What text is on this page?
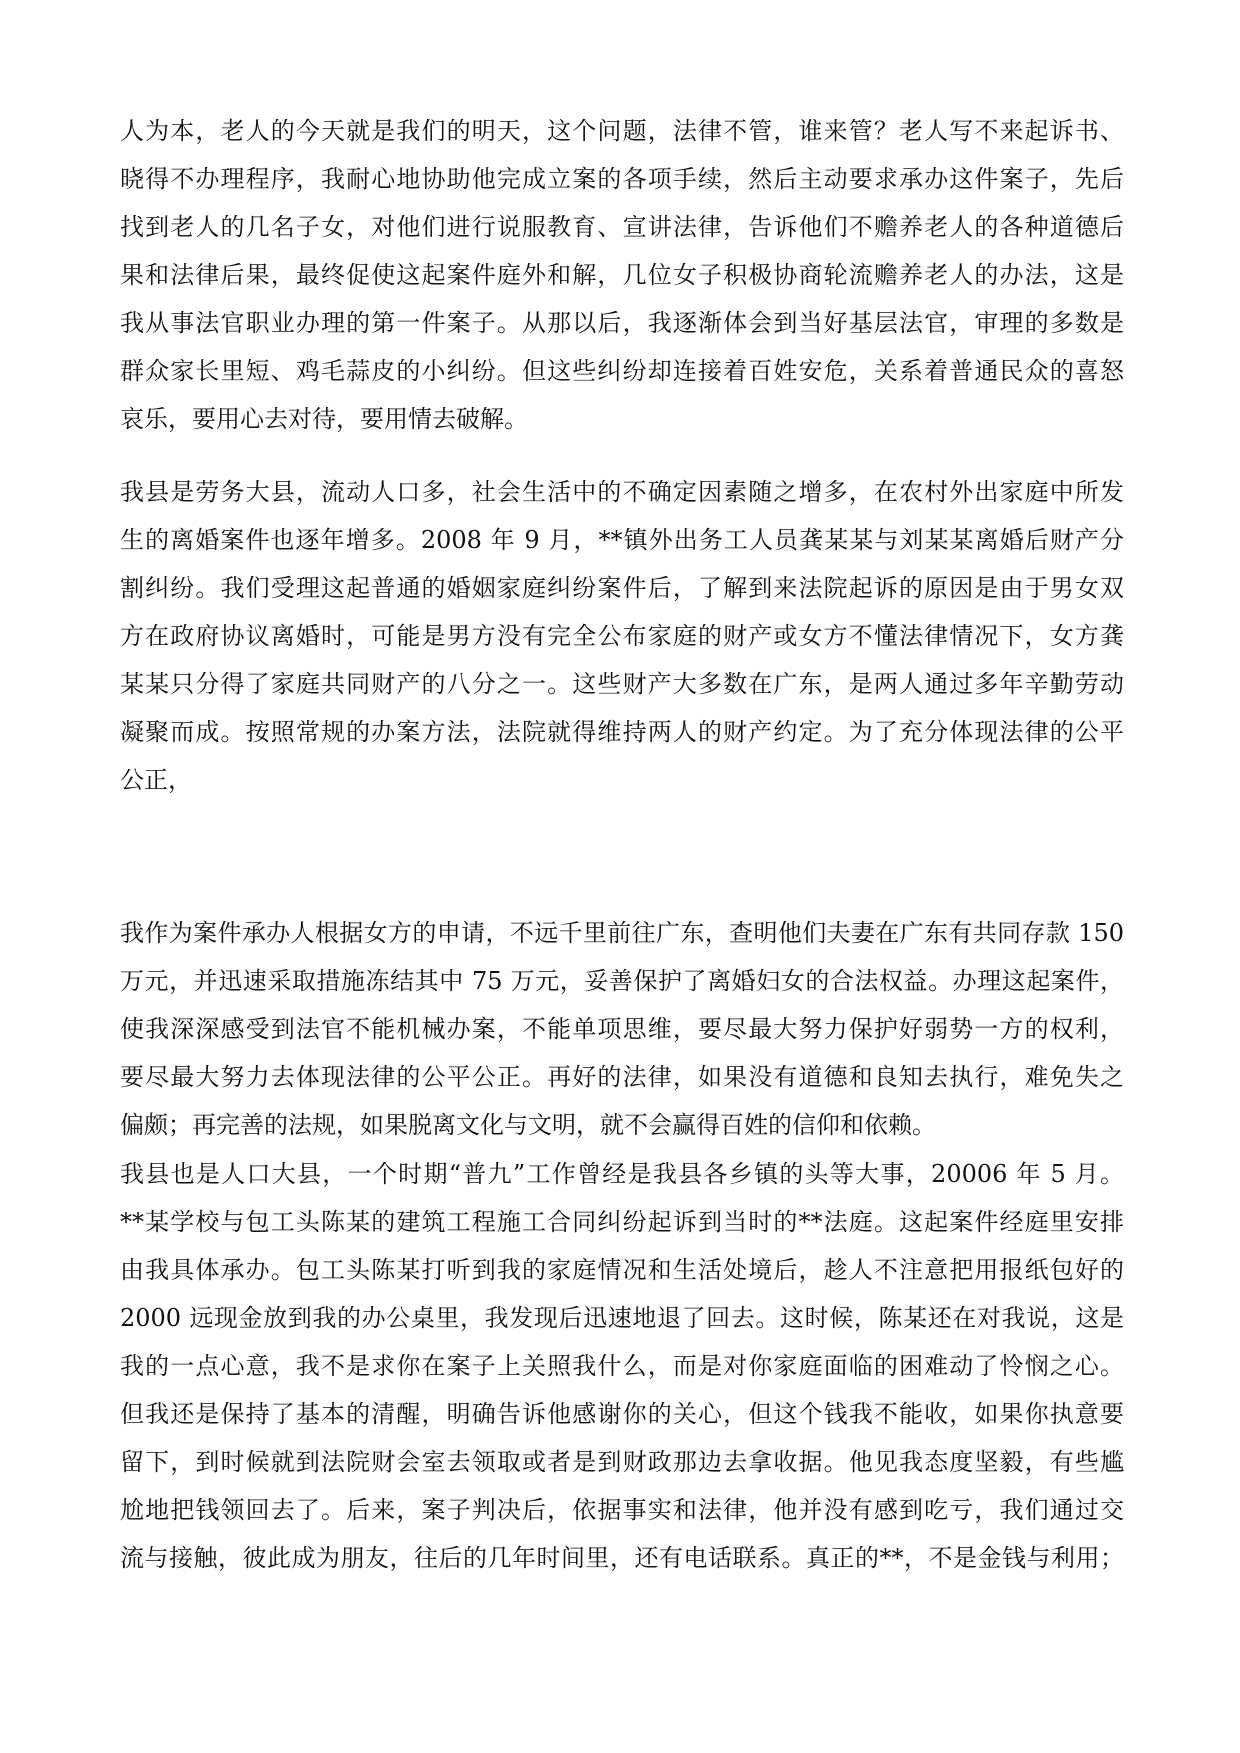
人为本，老人的今天就是我们的明天，这个问题，法律不管，谁来管？老人写不来起诉书、
晓得不办理程序，我耐心地协助他完成立案的各项手续，然后主动要求承办这件案子，先后
找到老人的几名子女，对他们进行说服教育、宣讲法律，告诉他们不赡养老人的各种道德后
果和法律后果，最终促使这起案件庭外和解，几位女子积极协商轮流赡养老人的办法，这是
我从事法官职业办理的第一件案子。从那以后，我逐渐体会到当好基层法官，审理的多数是
群众家长里短、鸡毛蒜皮的小纠纷。但这些纠纷却连接着百姓安危，关系着普通民众的喜怒
哀乐，要用心去对待，要用情去破解。
我县是劳务大县，流动人口多，社会生活中的不确定因素随之增多，在农村外出家庭中所发
生的离婚案件也逐年增多。2008 年 9 月，**镇外出务工人员龚某某与刘某某离婚后财产分
割纠纷。我们受理这起普通的婚姻家庭纠纷案件后，了解到来法院起诉的原因是由于男女双
方在政府协议离婚时，可能是男方没有完全公布家庭的财产或女方不懂法律情况下，女方龚
某某只分得了家庭共同财产的八分之一。这些财产大多数在广东，是两人通过多年辛勤劳动
凝聚而成。按照常规的办案方法，法院就得维持两人的财产约定。为了充分体现法律的公平
公正，
我作为案件承办人根据女方的申请，不远千里前往广东，查明他们夫妻在广东有共同存款 150
万元，并迅速采取措施冻结其中 75 万元，妥善保护了离婚妇女的合法权益。办理这起案件，
使我深深感受到法官不能机械办案，不能单项思维，要尽最大努力保护好弱势一方的权利，
要尽最大努力去体现法律的公平公正。再好的法律，如果没有道德和良知去执行，难免失之
偏颇；再完善的法规，如果脱离文化与文明，就不会赢得百姓的信仰和依赖。
我县也是人口大县，一个时期“普九”工作曾经是我县各乡镇的头等大事，20006 年 5 月。
**某学校与包工头陈某的建筑工程施工合同纠纷起诉到当时的**法庭。这起案件经庭里安排
由我具体承办。包工头陈某打听到我的家庭情况和生活处境后，趁人不注意把用报纸包好的
2000 远现金放到我的办公桌里，我发现后迅速地退了回去。这时候，陈某还在对我说，这是
我的一点心意，我不是求你在案子上关照我什么，而是对你家庭面临的困难动了怜悯之心。
但我还是保持了基本的清醒，明确告诉他感谢你的关心，但这个钱我不能收，如果你执意要
留下，到时候就到法院财会室去领取或者是到财政那边去拿收据。他见我态度坚毅，有些尴
尬地把钱领回去了。后来，案子判决后，依据事实和法律，他并没有感到吃亏，我们通过交
流与接触，彼此成为朋友，往后的几年时间里，还有电话联系。真正的**，不是金钱与利用；
